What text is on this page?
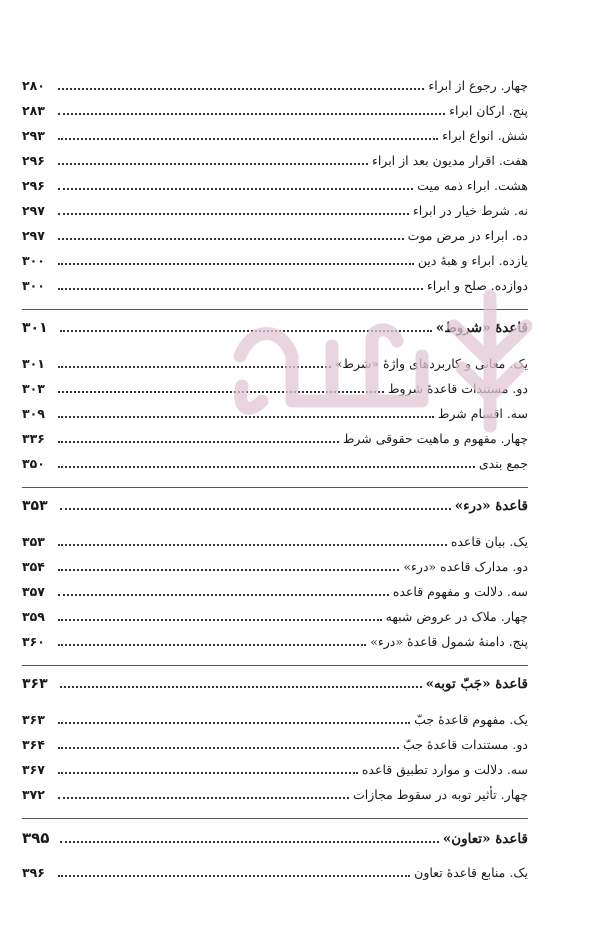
چهار. رجوع از ابراء
۲۸۰
پنج. ارکان ابراء
۲۸۳
شش. انواع ابراء
۲۹۳
هفت. اقرار مدیون بعد از ابراء
۲۹۶
هشت. ابراء ذمه میت
۲۹۶
نه. شرط خیار در ابراء
۲۹۷
ده. ابراء در مرض موت
۲۹۷
یازده. ابراء و هبهٔ دین
۳۰۰
دوازده. صلح و ابراء
۳۰۰
قاعدهٔ «شروط»
۳۰۱
یک. معانی و کاربردهای واژهٔ «شرط»
۳۰۱
دو. مستندات قاعدهٔ شروط
۳۰۳
سه. اقسام شرط
۳۰۹
چهار. مفهوم و ماهیت حقوقی شرط
۳۳۶
جمع بندی
۳۵۰
قاعدهٔ «درء»
۳۵۳
یک. بیان قاعده
۳۵۳
دو. مدارک قاعده «درء»
۳۵۴
سه. دلالت و مفهوم قاعده
۳۵۷
چهار. ملاک در عروض شبهه
۳۵۹
پنج. دامنهٔ شمول قاعدهٔ «درء»
۳۶۰
قاعدهٔ «جَبّ توبه»
۳۶۳
یک. مفهوم قاعدهٔ جبّ
۳۶۳
دو. مستندات قاعدهٔ جبّ
۳۶۴
سه. دلالت و موارد تطبیق قاعده
۳۶۷
چهار. تأثیر توبه در سقوط مجازات
۳۷۲
قاعدهٔ «تعاون»
۳۹۵
یک. منابع قاعدهٔ تعاون
۳۹۶
